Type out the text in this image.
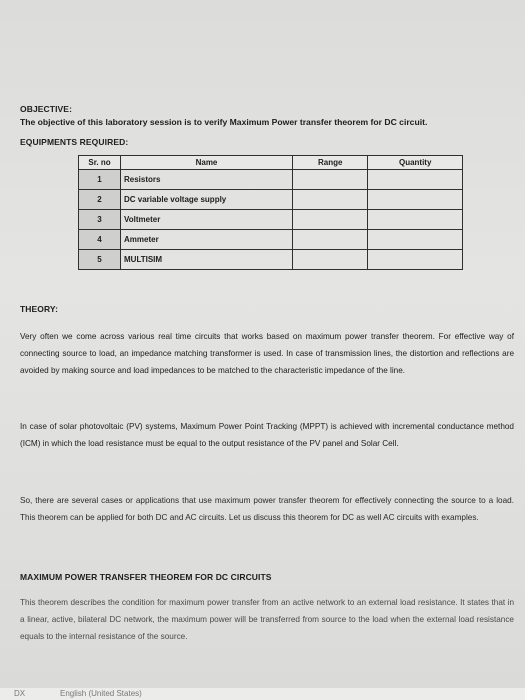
OBJECTIVE:
The objective of this laboratory session is to verify Maximum Power transfer theorem for DC circuit.
EQUIPMENTS REQUIRED:
Sr. no	Name	Range	Quantity
1	Resistors		
2	DC variable voltage supply		
3	Voltmeter		
4	Ammeter		
5	MULTISIM		
THEORY:
Very often we come across various real time circuits that works based on maximum power transfer theorem. For effective way of connecting source to load, an impedance matching transformer is used. In case of transmission lines, the distortion and reflections are avoided by making source and load impedances to be matched to the characteristic impedance of the line.
In case of solar photovoltaic (PV) systems, Maximum Power Point Tracking (MPPT) is achieved with incremental conductance method (ICM) in which the load resistance must be equal to the output resistance of the PV panel and Solar Cell.
So, there are several cases or applications that use maximum power transfer theorem for effectively connecting the source to a load. This theorem can be applied for both DC and AC circuits. Let us discuss this theorem for DC as well AC circuits with examples.
MAXIMUM POWER TRANSFER THEOREM FOR DC CIRCUITS
This theorem describes the condition for maximum power transfer from an active network to an external load resistance. It states that in a linear, active, bilateral DC network, the maximum power will be transferred from source to the load when the external load resistance equals to the internal resistance of the source.
DX	English (United States)
